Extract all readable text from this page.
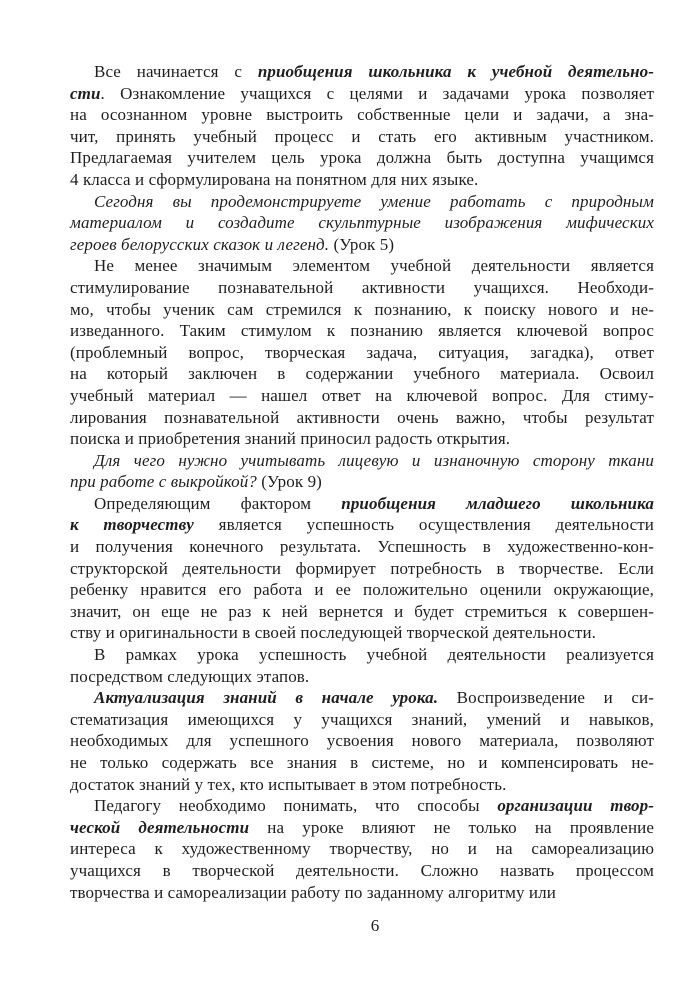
Все начинается с приобщения школьника к учебной деятельно-
сти. Ознакомление учащихся с целями и задачами урока позволяет
на осознанном уровне выстроить собственные цели и задачи, а зна-
чит, принять учебный процесс и стать его активным участником.
Предлагаемая учителем цель урока должна быть доступна учащимся
4 класса и сформулирована на понятном для них языке.
Сегодня вы продемонстрируете умение работать с природным
материалом и создадите скульптурные изображения мифических
героев белорусских сказок и легенд. (Урок 5)
Не менее значимым элементом учебной деятельности является
стимулирование познавательной активности учащихся. Необходи-
мо, чтобы ученик сам стремился к познанию, к поиску нового и не-
изведанного. Таким стимулом к познанию является ключевой вопрос
(проблемный вопрос, творческая задача, ситуация, загадка), ответ
на который заключен в содержании учебного материала. Освоил
учебный материал — нашел ответ на ключевой вопрос. Для стиму-
лирования познавательной активности очень важно, чтобы результат
поиска и приобретения знаний приносил радость открытия.
Для чего нужно учитывать лицевую и изнаночную сторону ткани
при работе с выкройкой? (Урок 9)
Определяющим фактором приобщения младшего школьника
к творчеству является успешность осуществления деятельности
и получения конечного результата. Успешность в художественно-кон-
структорской деятельности формирует потребность в творчестве. Если
ребенку нравится его работа и ее положительно оценили окружающие,
значит, он еще не раз к ней вернется и будет стремиться к совершен-
ству и оригинальности в своей последующей творческой деятельности.
В рамках урока успешность учебной деятельности реализуется
посредством следующих этапов.
Актуализация знаний в начале урока. Воспроизведение и си-
стематизация имеющихся у учащихся знаний, умений и навыков,
необходимых для успешного усвоения нового материала, позволяют
не только содержать все знания в системе, но и компенсировать не-
достаток знаний у тех, кто испытывает в этом потребность.
Педагогу необходимо понимать, что способы организации твор-
ческой деятельности на уроке влияют не только на проявление
интереса к художественному творчеству, но и на самореализацию
учащихся в творческой деятельности. Сложно назвать процессом
творчества и самореализации работу по заданному алгоритму или
6
